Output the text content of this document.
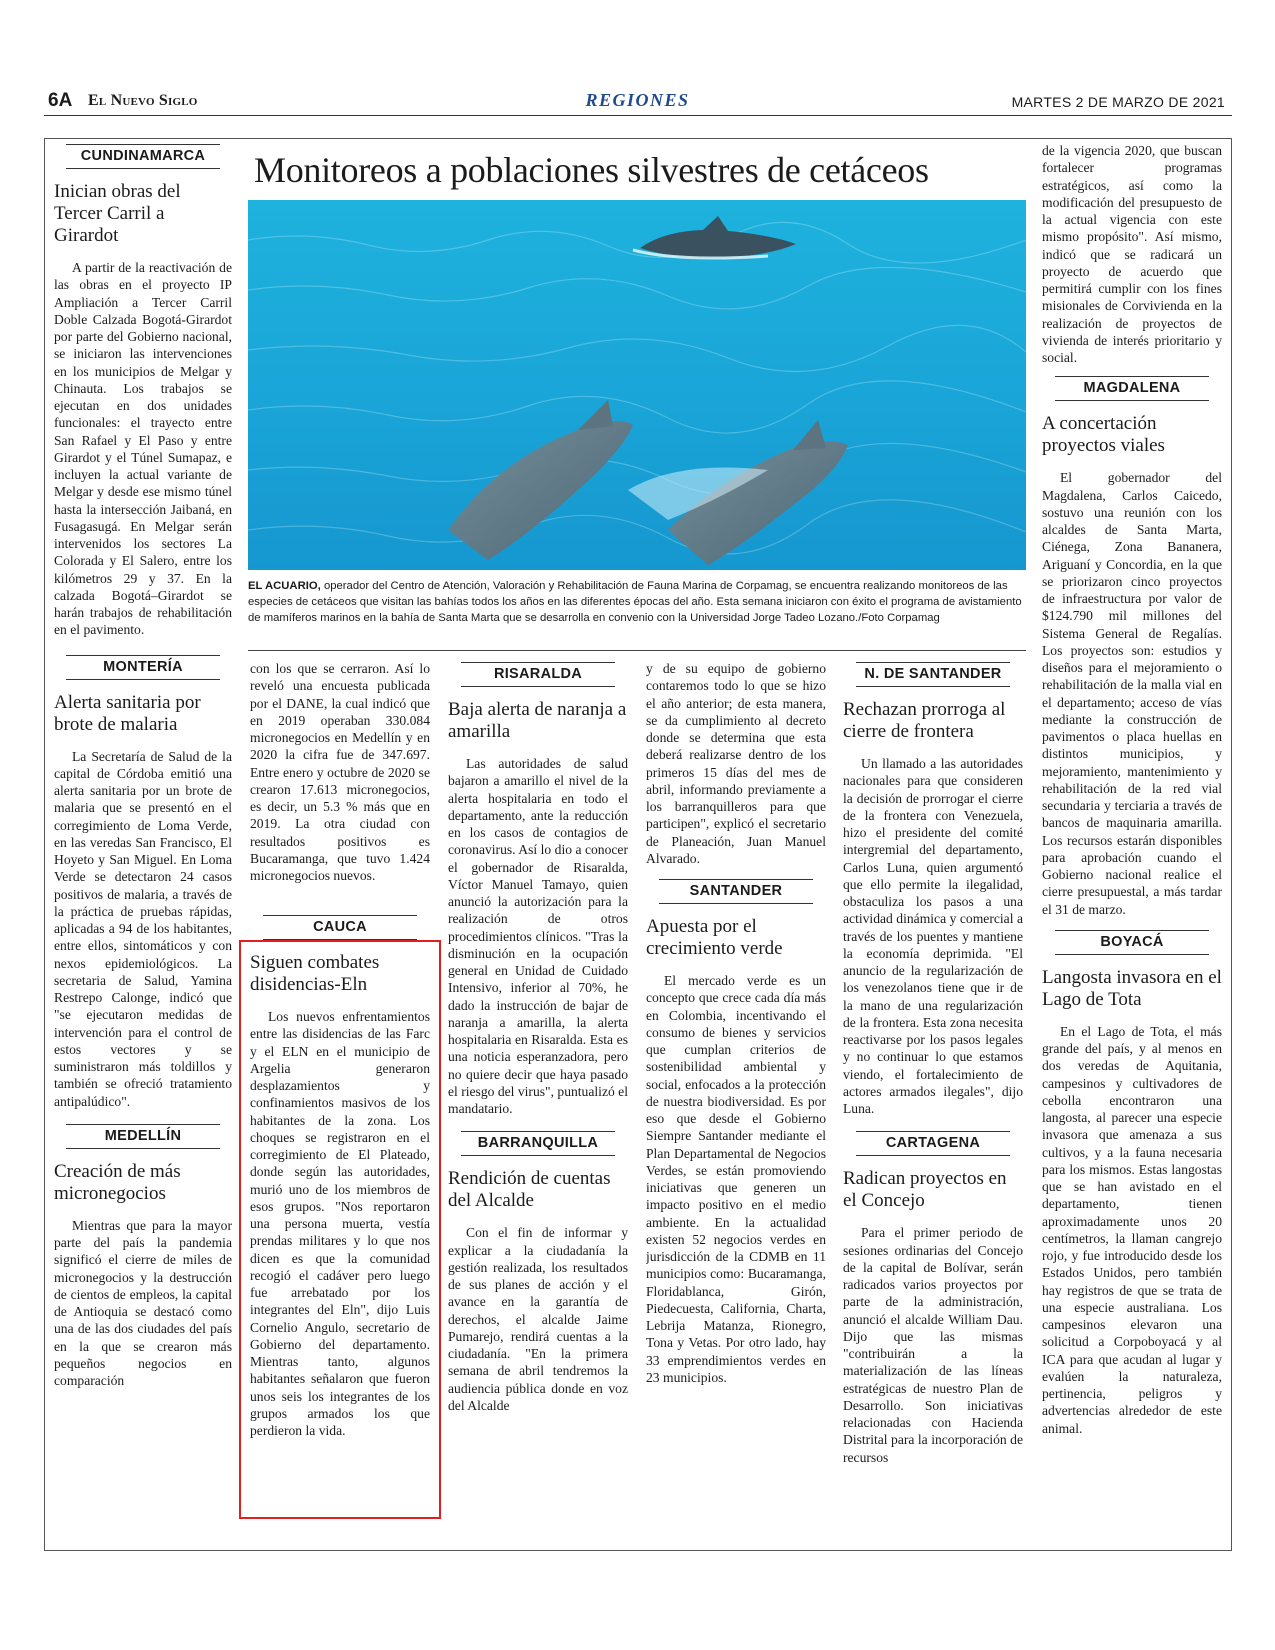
6A El Nuevo Siglo	REGIONES	MARTES 2 DE MARZO DE 2021
CUNDINAMARCA
Inician obras del Tercer Carril a Girardot

A partir de la reactivación de las obras en el proyecto IP Ampliación a Tercer Carril Doble Calzada Bogotá-Girardot por parte del Gobierno nacional, se iniciaron las intervenciones en los municipios de Melgar y Chinauta. Los trabajos se ejecutan en dos unidades funcionales: el trayecto entre San Rafael y El Paso y entre Girardot y el Túnel Sumapaz, e incluyen la actual variante de Melgar y desde ese mismo túnel hasta la intersección Jaibaná, en Fusagasugá. En Melgar serán intervenidos los sectores La Colorada y El Salero, entre los kilómetros 29 y 37. En la calzada Bogotá–Girardot se harán trabajos de rehabilitación en el pavimento.

MONTERÍA
Alerta sanitaria por brote de malaria

La Secretaría de Salud de la capital de Córdoba emitió una alerta sanitaria por un brote de malaria que se presentó en el corregimiento de Loma Verde, en las veredas San Francisco, El Hoyeto y San Miguel. En Loma Verde se detectaron 24 casos positivos de malaria, a través de la práctica de pruebas rápidas, aplicadas a 94 de los habitantes, entre ellos, sintomáticos y con nexos epidemiológicos. La secretaria de Salud, Yamina Restrepo Calonge, indicó que "se ejecutaron medidas de intervención para el control de estos vectores y se suministraron más toldillos y también se ofreció tratamiento antipalúdico".

MEDELLÍN
Creación de más micronegocios

Mientras que para la mayor parte del país la pandemia significó el cierre de miles de micronegocios y la destrucción de cientos de empleos, la capital de Antioquia se destacó como una de las dos ciudades del país en la que se crearon más pequeños negocios en comparación

Monitoreos a poblaciones silvestres de cetáceos
EL ACUARIO, operador del Centro de Atención, Valoración y Rehabilitación de Fauna Marina de Corpamag, se encuentra realizando monitoreos de las especies de cetáceos que visitan las bahías todos los años en las diferentes épocas del año. Esta semana iniciaron con éxito el programa de avistamiento de mamíferos marinos en la bahía de Santa Marta que se desarrolla en convenio con la Universidad Jorge Tadeo Lozano./Foto Corpamag

con los que se cerraron. Así lo reveló una encuesta publicada por el DANE, la cual indicó que en 2019 operaban 330.084 micronegocios en Medellín y en 2020 la cifra fue de 347.697. Entre enero y octubre de 2020 se crearon 17.613 micronegocios, es decir, un 5.3 % más que en 2019. La otra ciudad con resultados positivos es Bucaramanga, que tuvo 1.424 micronegocios nuevos.

CAUCA
Siguen combates disidencias-Eln

Los nuevos enfrentamientos entre las disidencias de las Farc y el ELN en el municipio de Argelia generaron desplazamientos y confinamientos masivos de los habitantes de la zona. Los choques se registraron en el corregimiento de El Plateado, donde según las autoridades, murió uno de los miembros de esos grupos. "Nos reportaron una persona muerta, vestía prendas militares y lo que nos dicen es que la comunidad recogió el cadáver pero luego fue arrebatado por los integrantes del Eln", dijo Luis Cornelio Angulo, secretario de Gobierno del departamento. Mientras tanto, algunos habitantes señalaron que fueron unos seis los integrantes de los grupos armados los que perdieron la vida.

RISARALDA
Baja alerta de naranja a amarilla

Las autoridades de salud bajaron a amarillo el nivel de la alerta hospitalaria en todo el departamento, ante la reducción en los casos de contagios de coronavirus. Así lo dio a conocer el gobernador de Risaralda, Víctor Manuel Tamayo, quien anunció la autorización para la realización de otros procedimientos clínicos. "Tras la disminución en la ocupación general en Unidad de Cuidado Intensivo, inferior al 70%, he dado la instrucción de bajar de naranja a amarilla, la alerta hospitalaria en Risaralda. Esta es una noticia esperanzadora, pero no quiere decir que haya pasado el riesgo del virus", puntualizó el mandatario.

BARRANQUILLA
Rendición de cuentas del Alcalde

Con el fin de informar y explicar a la ciudadanía la gestión realizada, los resultados de sus planes de acción y el avance en la garantía de derechos, el alcalde Jaime Pumarejo, rendirá cuentas a la ciudadanía. "En la primera semana de abril tendremos la audiencia pública donde en voz del Alcalde

y de su equipo de gobierno contaremos todo lo que se hizo el año anterior; de esta manera, se da cumplimiento al decreto donde se determina que esta deberá realizarse dentro de los primeros 15 días del mes de abril, informando previamente a los barranquilleros para que participen", explicó el secretario de Planeación, Juan Manuel Alvarado.

SANTANDER
Apuesta por el crecimiento verde

El mercado verde es un concepto que crece cada día más en Colombia, incentivando el consumo de bienes y servicios que cumplan criterios de sostenibilidad ambiental y social, enfocados a la protección de nuestra biodiversidad. Es por eso que desde el Gobierno Siempre Santander mediante el Plan Departamental de Negocios Verdes, se están promoviendo iniciativas que generen un impacto positivo en el medio ambiente. En la actualidad existen 52 negocios verdes en jurisdicción de la CDMB en 11 municipios como: Bucaramanga, Floridablanca, Girón, Piedecuesta, California, Charta, Lebrija Matanza, Rionegro, Tona y Vetas. Por otro lado, hay 33 emprendimientos verdes en 23 municipios.

N. DE SANTANDER
Rechazan prorroga al cierre de frontera

Un llamado a las autoridades nacionales para que consideren la decisión de prorrogar el cierre de la frontera con Venezuela, hizo el presidente del comité intergremial del departamento, Carlos Luna, quien argumentó que ello permite la ilegalidad, obstaculiza los pasos a una actividad dinámica y comercial a través de los puentes y mantiene la economía deprimida. "El anuncio de la regularización de los venezolanos tiene que ir de la mano de una regularización de la frontera. Esta zona necesita reactivarse por los pasos legales y no continuar lo que estamos viendo, el fortalecimiento de actores armados ilegales", dijo Luna.

CARTAGENA
Radican proyectos en el Concejo

Para el primer periodo de sesiones ordinarias del Concejo de la capital de Bolívar, serán radicados varios proyectos por parte de la administración, anunció el alcalde William Dau. Dijo que las mismas "contribuirán a la materialización de las líneas estratégicas de nuestro Plan de Desarrollo. Son iniciativas relacionadas con Hacienda Distrital para la incorporación de recursos

de la vigencia 2020, que buscan fortalecer programas estratégicos, así como la modificación del presupuesto de la actual vigencia con este mismo propósito". Así mismo, indicó que se radicará un proyecto de acuerdo que permitirá cumplir con los fines misionales de Corvivienda en la realización de proyectos de vivienda de interés prioritario y social.

MAGDALENA
A concertación proyectos viales

El gobernador del Magdalena, Carlos Caicedo, sostuvo una reunión con los alcaldes de Santa Marta, Ciénega, Zona Bananera, Ariguaní y Concordia, en la que se priorizaron cinco proyectos de infraestructura por valor de $124.790 mil millones del Sistema General de Regalías. Los proyectos son: estudios y diseños para el mejoramiento o rehabilitación de la malla vial en el departamento; acceso de vías mediante la construcción de pavimentos o placa huellas en distintos municipios, y mejoramiento, mantenimiento y rehabilitación de la red vial secundaria y terciaria a través de bancos de maquinaria amarilla. Los recursos estarán disponibles para aprobación cuando el Gobierno nacional realice el cierre presupuestal, a más tardar el 31 de marzo.

BOYACÁ
Langosta invasora en el Lago de Tota

En el Lago de Tota, el más grande del país, y al menos en dos veredas de Aquitania, campesinos y cultivadores de cebolla encontraron una langosta, al parecer una especie invasora que amenaza a sus cultivos, y a la fauna necesaria para los mismos. Estas langostas que se han avistado en el departamento, tienen aproximadamente unos 20 centímetros, la llaman cangrejo rojo, y fue introducido desde los Estados Unidos, pero también hay registros de que se trata de una especie australiana. Los campesinos elevaron una solicitud a Corpoboyacá y al ICA para que acudan al lugar y evalúen la naturaleza, pertinencia, peligros y advertencias alrededor de este animal.
